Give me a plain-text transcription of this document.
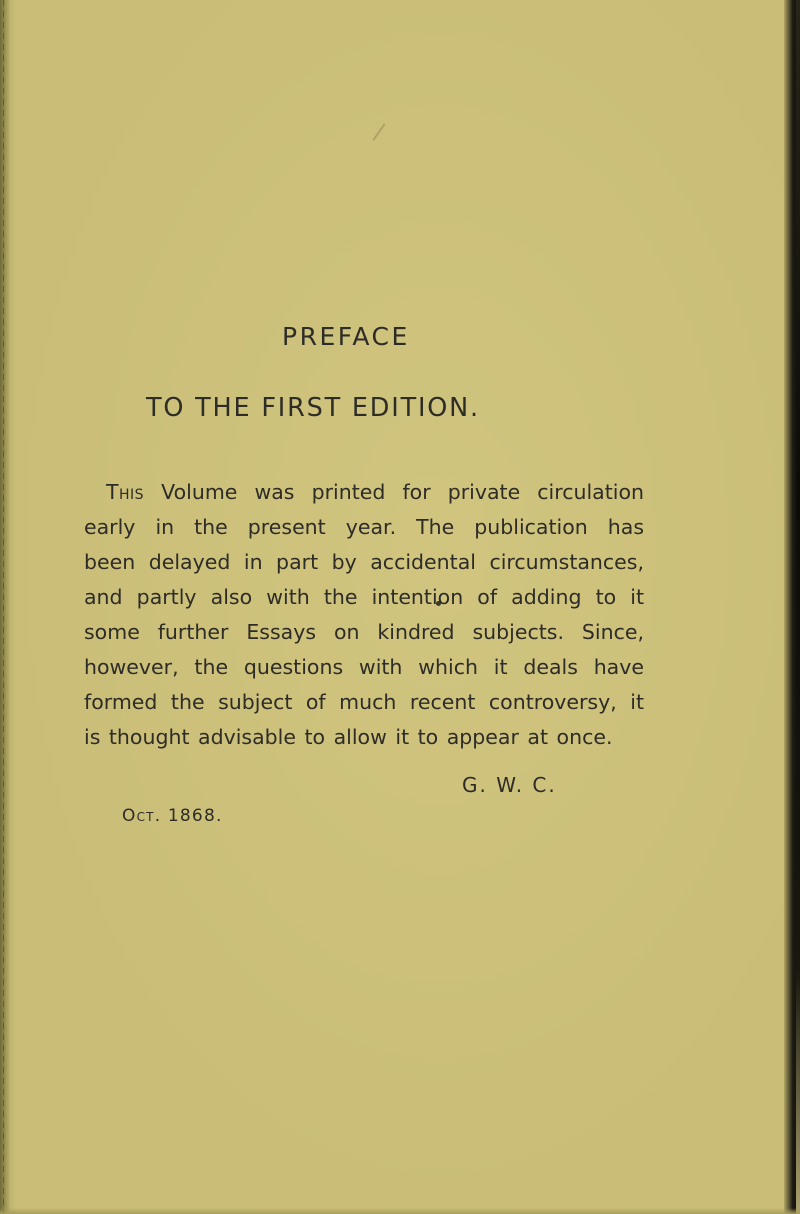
PREFACE
TO THE FIRST EDITION.
This Volume was printed for private circulation
early in the present year. The publication has
been delayed in part by accidental circumstances,
and partly also with the intention of adding to it
some further Essays on kindred subjects. Since,
however, the questions with which it deals have
formed the subject of much recent controversy, it
is thought advisable to allow it to appear at once.
G. W. C.
Oct. 1868.
